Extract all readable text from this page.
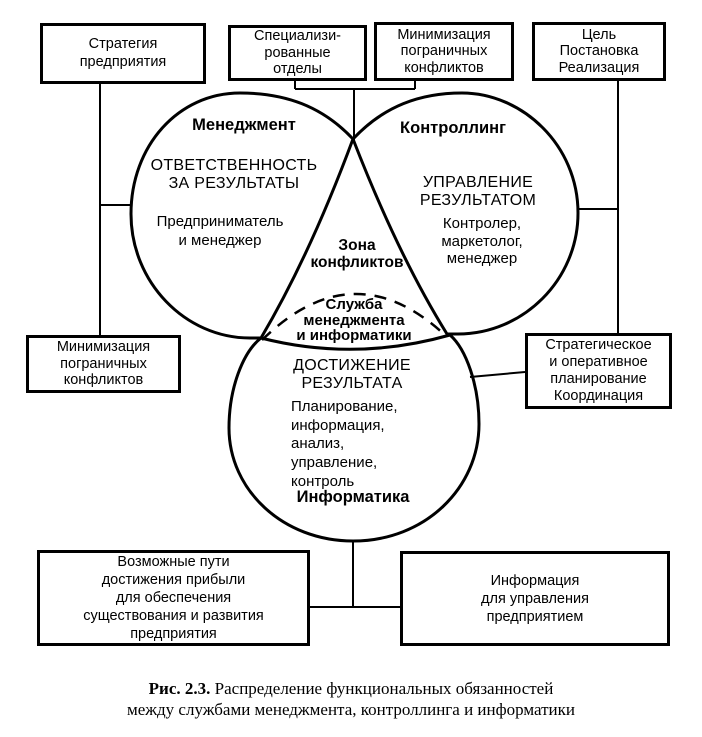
Стратегия
предприятия
Специализи-
рованные
отделы
Минимизация
пограничных
конфликтов
Цель
Постановка
Реализация
Минимизация
пограничных
конфликтов
Стратегическое
и оперативное
планирование
Координация
Возможные пути
достижения прибыли
для обеспечения
существования и развития
предприятия
Информация
для управления
предприятием
Менеджмент	Контроллинг
ОТВЕТСТВЕННОСТЬ
ЗА РЕЗУЛЬТАТЫ
Предприниматель
и менеджер
УПРАВЛЕНИЕ
РЕЗУЛЬТАТОМ
Контролер,
маркетолог,
менеджер
Зона
конфликтов
Служба
менеджмента
и информатики
ДОСТИЖЕНИЕ
РЕЗУЛЬТАТА
Планирование,
информация,
анализ,
управление,
контроль
Информатика
Рис. 2.3. Распределение функциональных обязанностей
между службами менеджмента, контроллинга и информатики
